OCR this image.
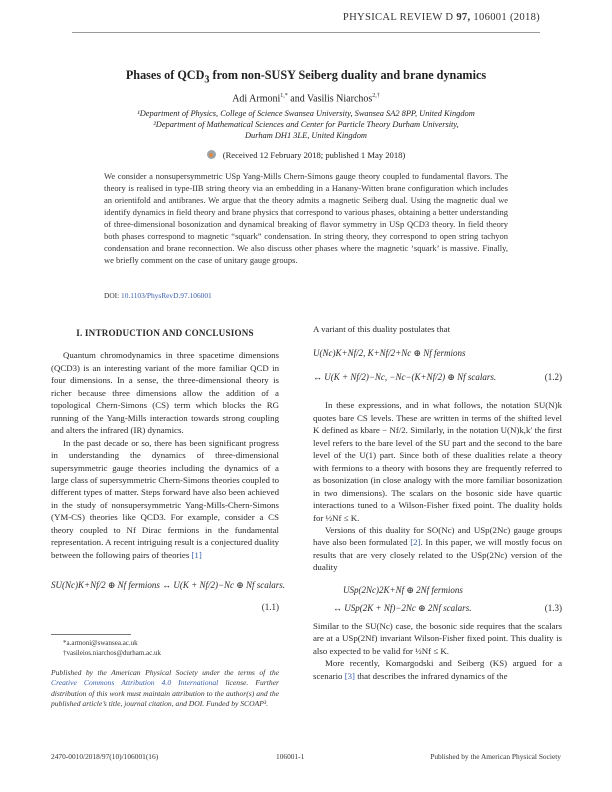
PHYSICAL REVIEW D 97, 106001 (2018)
Phases of $QCD_3$ from non-SUSY Seiberg duality and brane dynamics
Adi Armoni$^{1,*}$ and Vasilis Niarchos$^{2,\dagger}$
¹Department of Physics, College of Science Swansea University, Swansea SA2 8PP, United Kingdom
²Department of Mathematical Sciences and Center for Particle Theory Durham University,
Durham DH1 3LE, United Kingdom
(Received 12 February 2018; published 1 May 2018)
We consider a nonsupersymmetric USp Yang-Mills Chern-Simons gauge theory coupled to fundamental flavors. The theory is realised in type-IIB string theory via an embedding in a Hanany-Witten brane configuration which includes an orientifold and antibranes. We argue that the theory admits a magnetic Seiberg dual. Using the magnetic dual we identify dynamics in field theory and brane physics that correspond to various phases, obtaining a better understanding of three-dimensional bosonization and dynamical breaking of flavor symmetry in USp QCD3 theory. In field theory both phases correspond to magnetic “squark” condensation. In string theory, they correspond to open string tachyon condensation and brane reconnection. We also discuss other phases where the magnetic ‘squark’ is massive. Finally, we briefly comment on the case of unitary gauge groups.
DOI: 10.1103/PhysRevD.97.106001
I. INTRODUCTION AND CONCLUSIONS

Quantum chromodynamics in three spacetime dimensions (QCD3) is an interesting variant of the more familiar QCD in four dimensions. In a sense, the three-dimensional theory is richer because three dimensions allow the addition of a topological Chern-Simons (CS) term which blocks the RG running of the Yang-Mills interaction towards strong coupling and alters the infrared (IR) dynamics.

In the past decade or so, there has been significant progress in understanding the dynamics of three-dimensional supersymmetric gauge theories including the dynamics of a large class of supersymmetric Chern-Simons theories coupled to different types of matter. Steps forward have also been achieved in the study of nonsupersymmetric Yang-Mills-Chern-Simons (YM-CS) theories like QCD3. For example, consider a CS theory coupled to Nf Dirac fermions in the fundamental representation. A recent intriguing result is a conjectured duality between the following pairs of theories [1]

SU(Nc)K+Nf/2 ⊕ Nf fermions ↔ U(K + Nf/2)−Nc ⊕ Nf scalars.
(1.1)
*a.armoni@swansea.ac.uk
†vasileios.niarchos@durham.ac.uk
Published by the American Physical Society under the terms of the Creative Commons Attribution 4.0 International license. Further distribution of this work must maintain attribution to the author(s) and the published article’s title, journal citation, and DOI. Funded by SCOAP³.

A variant of this duality postulates that

U(Nc)K+Nf/2, K+Nf/2+Nc ⊕ Nf fermions
↔ U(K + Nf/2)−Nc, −Nc−(K+Nf/2) ⊕ Nf scalars.	(1.2)

In these expressions, and in what follows, the notation SU(N)k quotes bare CS levels. These are written in terms of the shifted level K defined as kbare − Nf/2. Similarly, in the notation U(N)k,k′ the first level refers to the bare level of the SU part and the second to the bare level of the U(1) part. Since both of these dualities relate a theory with fermions to a theory with bosons they are frequently referred to as bosonization (in close analogy with the more familiar bosonization in two dimensions). The scalars on the bosonic side have quartic interactions tuned to a Wilson-Fisher fixed point. The duality holds for ½Nf ≤ K.

Versions of this duality for SO(Nc) and USp(2Nc) gauge groups have also been formulated [2]. In this paper, we will mostly focus on results that are very closely related to the USp(2Nc) version of the duality

USp(2Nc)2K+Nf ⊕ 2Nf fermions
↔ USp(2K + Nf)−2Nc ⊕ 2Nf scalars.	(1.3)

Similar to the SU(Nc) case, the bosonic side requires that the scalars are at a USp(2Nf) invariant Wilson-Fisher fixed point. This duality is also expected to be valid for ½Nf ≤ K.

More recently, Komargodski and Seiberg (KS) argued for a scenario [3] that describes the infrared dynamics of the

2470-0010/2018/97(10)/106001(16)	106001-1	Published by the American Physical Society
